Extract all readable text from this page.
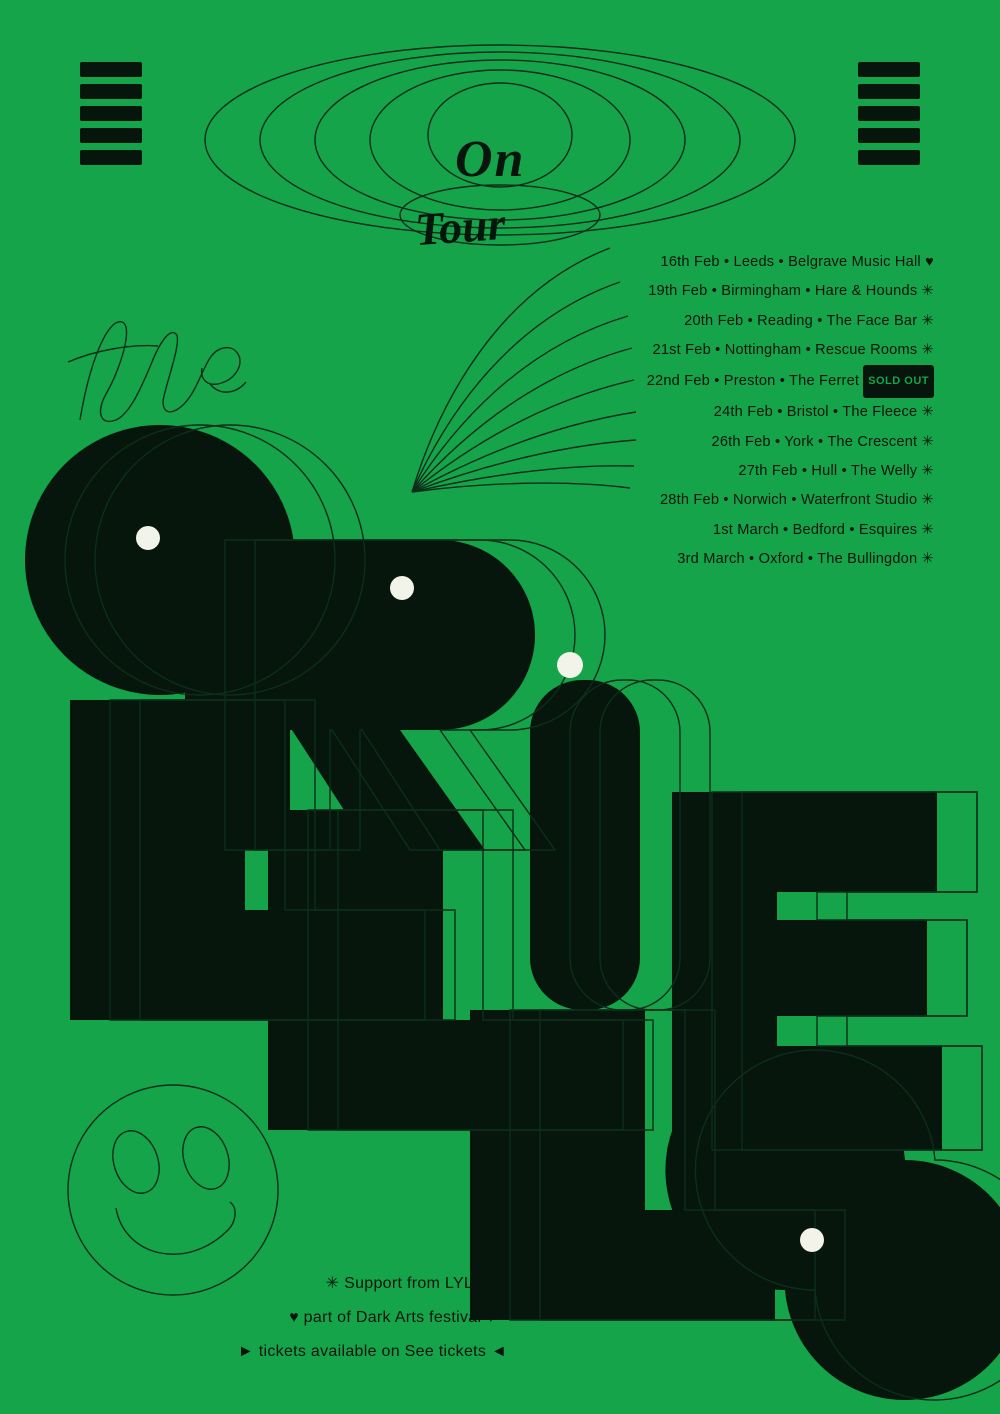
On
Tour
16th Feb • Leeds • Belgrave Music Hall ♥
19th Feb • Birmingham • Hare & Hounds ✳
20th Feb • Reading • The Face Bar ✳
21st Feb • Nottingham • Rescue Rooms ✳
22nd Feb • Preston • The Ferret SOLD OUT
24th Feb • Bristol • The Fleece ✳
26th Feb • York • The Crescent ✳
27th Feb • Hull • The Welly ✳
28th Feb • Norwich • Waterfront Studio ✳
1st March • Bedford • Esquires ✳
3rd March • Oxford • The Bullingdon ✳
✳ Support from LYLO ✳
♥ part of Dark Arts festival ♥
► tickets available on See tickets ◄
